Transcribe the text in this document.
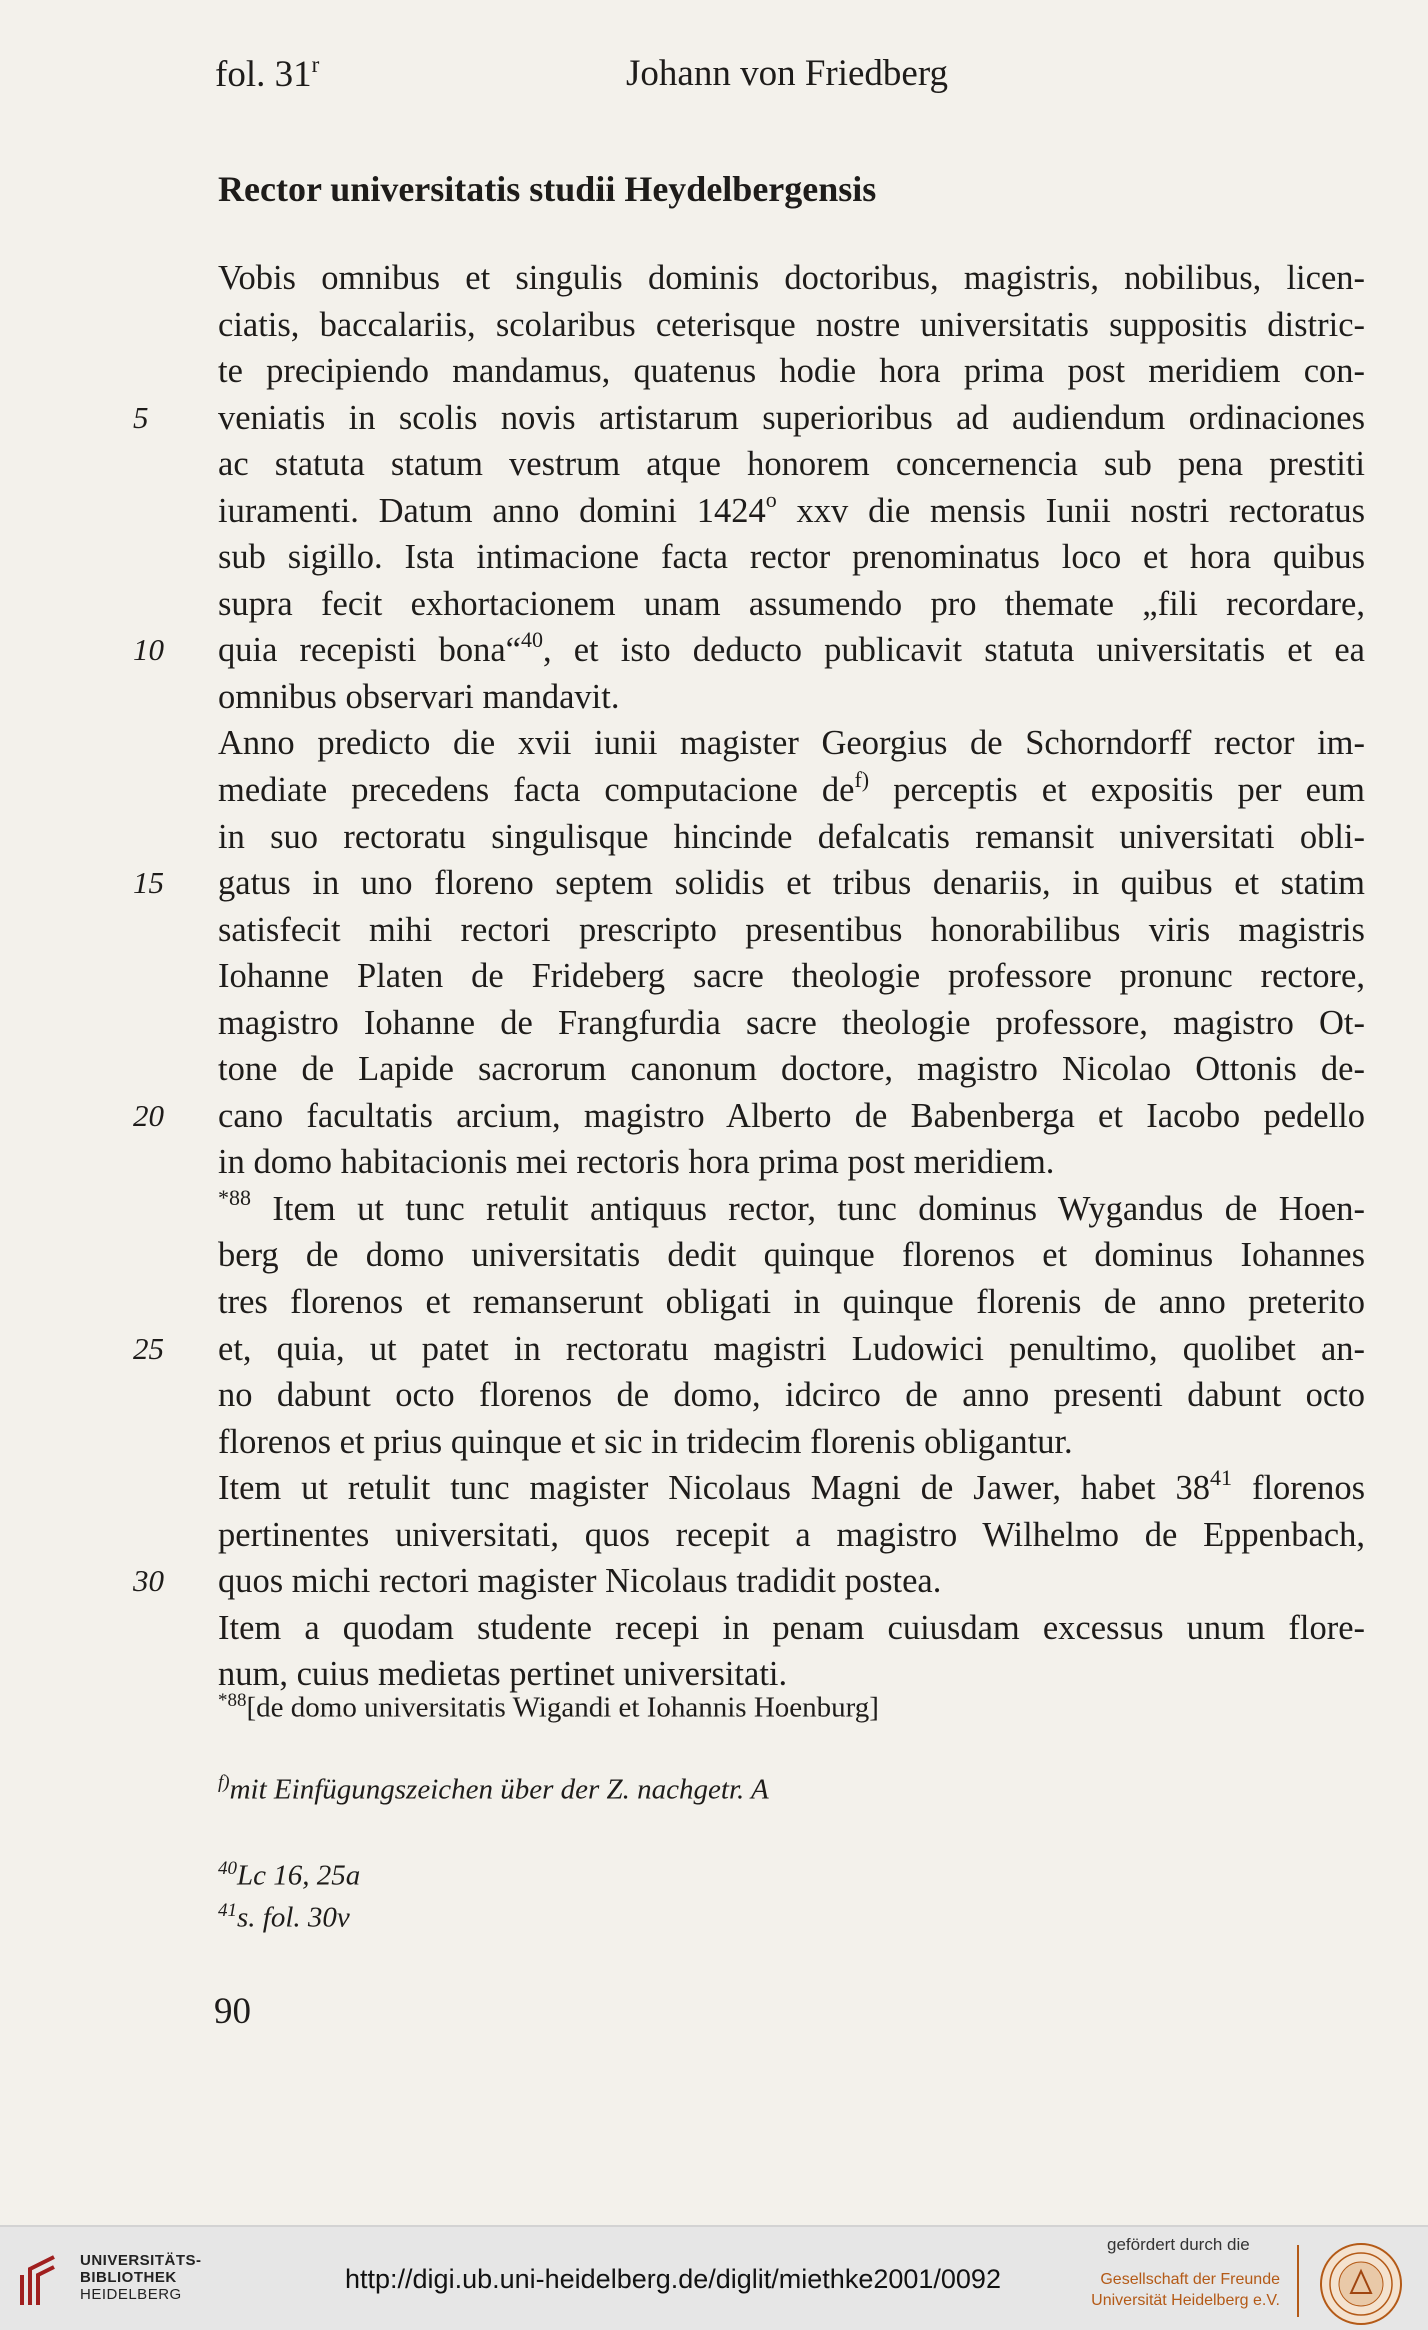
fol. 31$^r$	Johann von Friedberg
Rector universitatis studii Heydelbergensis
Vobis omnibus et singulis dominis doctoribus, magistris, nobilibus, licen-
ciatis, baccalariis, scolaribus ceterisque nostre universitatis suppositis distric-
te precipiendo mandamus, quatenus hodie hora prima post meridiem con-
5	veniatis in scolis novis artistarum superioribus ad audiendum ordinaciones
ac statuta statum vestrum atque honorem concernencia sub pena prestiti
iuramenti. Datum anno domini 1424$^o$ xxv die mensis Iunii nostri rectoratus
sub sigillo. Ista intimacione facta rector prenominatus loco et hora quibus
supra fecit exhortacionem unam assumendo pro themate „fili recordare,
10	quia recepisti bona“$^{40}$, et isto deducto publicavit statuta universitatis et ea
omnibus observari mandavit.
Anno predicto die xvii iunii magister Georgius de Schorndorff rector im-
mediate precedens facta computacione $de^{f)}$ perceptis et expositis per eum
in suo rectoratu singulisque hincinde defalcatis remansit universitati obli-
15	gatus in uno floreno septem solidis et tribus denariis, in quibus et statim
satisfecit mihi rectori prescripto presentibus honorabilibus viris magistris
Iohanne Platen de Frideberg sacre theologie professore pronunc rectore,
magistro Iohanne de Frangfurdia sacre theologie professore, magistro Ot-
tone de Lapide sacrorum canonum doctore, magistro Nicolao Ottonis de-
20	cano facultatis arcium, magistro Alberto de Babenberga et Iacobo pedello
in domo habitacionis mei rectoris hora prima post meridiem.
$^{*88}$ Item ut tunc retulit antiquus rector, tunc dominus Wygandus de Hoen-
berg de domo universitatis dedit quinque florenos et dominus Iohannes
tres florenos et remanserunt obligati in quinque florenis de anno preterito
25	et, quia, ut patet in rectoratu magistri Ludowici penultimo, quolibet an-
no dabunt octo florenos de domo, idcirco de anno presenti dabunt octo
florenos et prius quinque et sic in tridecim florenis obligantur.
Item ut retulit tunc magister Nicolaus Magni de Jawer, habet $38^{41}$ florenos
pertinentes universitati, quos recepit a magistro Wilhelmo de Eppenbach,
30	quos michi rectori magister Nicolaus tradidit postea.
Item a quodam studente recepi in penam cuiusdam excessus unum flore-
num, cuius medietas pertinet universitati.
$^{*88}$[de domo universitatis Wigandi et Iohannis Hoenburg]
$^{f)}$mit Einfügungszeichen über der Z. nachgetr. A
$^{40}$Lc 16, 25a
$^{41}$s. fol. 30v
90
UNIVERSITÄTS-
BIBLIOTHEK
HEIDELBERG
http://digi.ub.uni-heidelberg.de/diglit/miethke2001/0092
gefördert durch die
Gesellschaft der Freunde
Universität Heidelberg e.V.
